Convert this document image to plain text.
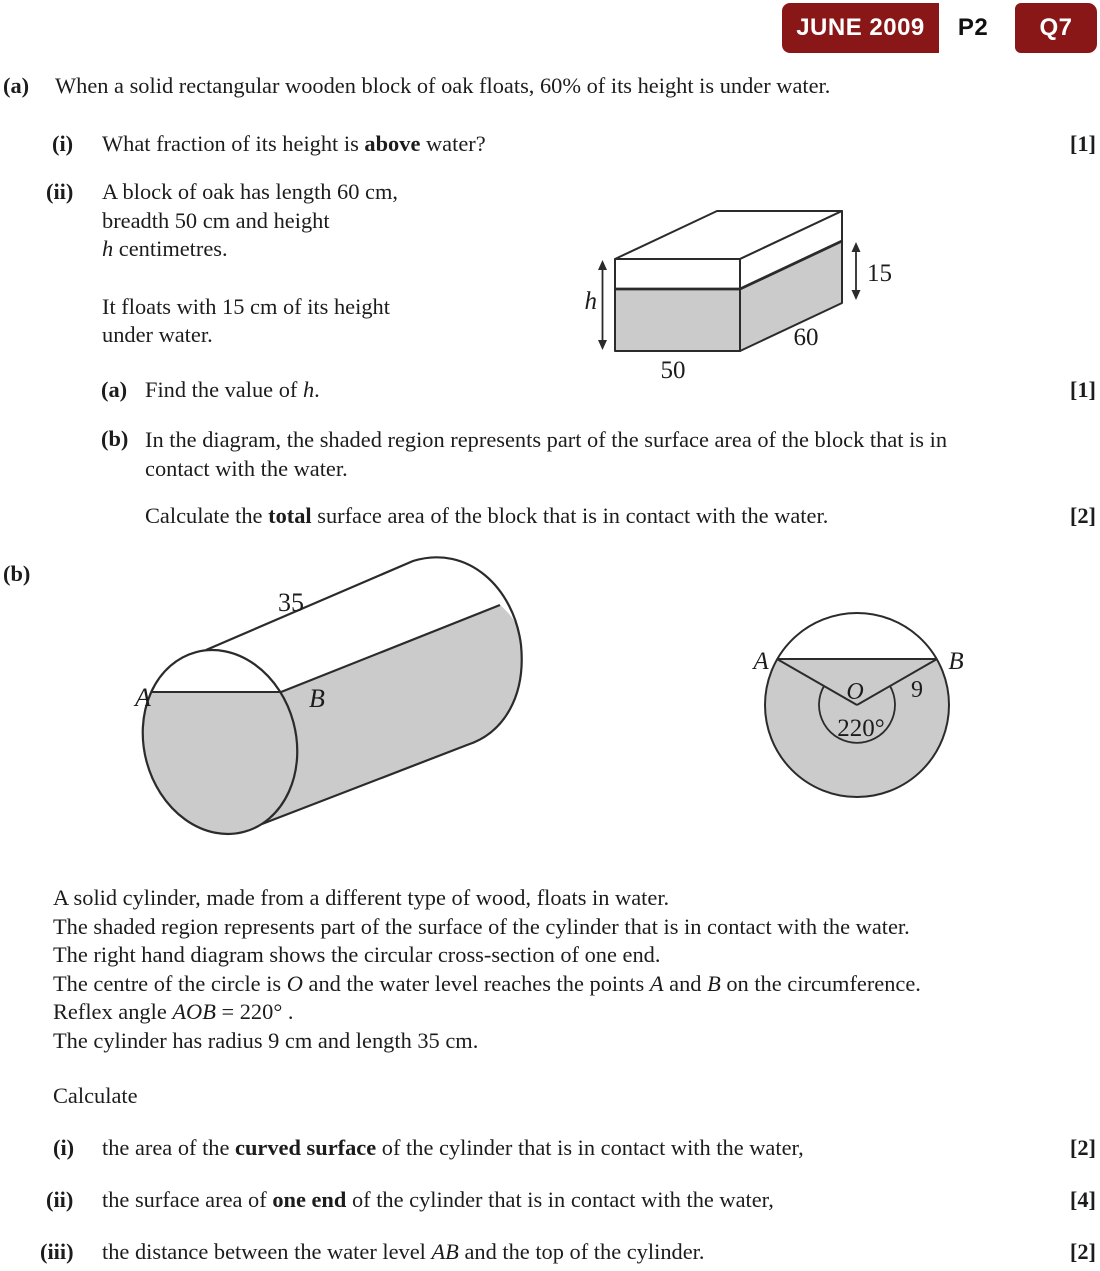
JUNE 2009	P2	Q7
(a) When a solid rectangular wooden block of oak floats, 60% of its height is under water.
(i) What fraction of its height is above water?	[1]
(ii) A block of oak has length 60 cm,
breadth 50 cm and height
h centimetres.
It floats with 15 cm of its height
under water.
h
15
60
50
(a) Find the value of h.	[1]
(b) In the diagram, the shaded region represents part of the surface area of the block that is in
contact with the water.
Calculate the total surface area of the block that is in contact with the water.	[2]
(b)
35
A	B
A	B
O
220°
9
A solid cylinder, made from a different type of wood, floats in water.
The shaded region represents part of the surface of the cylinder that is in contact with the water.
The right hand diagram shows the circular cross-section of one end.
The centre of the circle is O and the water level reaches the points A and B on the circumference.
Reflex angle AOB = 220° .
The cylinder has radius 9 cm and length 35 cm.
Calculate
(i) the area of the curved surface of the cylinder that is in contact with the water,	[2]
(ii) the surface area of one end of the cylinder that is in contact with the water,	[4]
(iii) the distance between the water level AB and the top of the cylinder.	[2]
